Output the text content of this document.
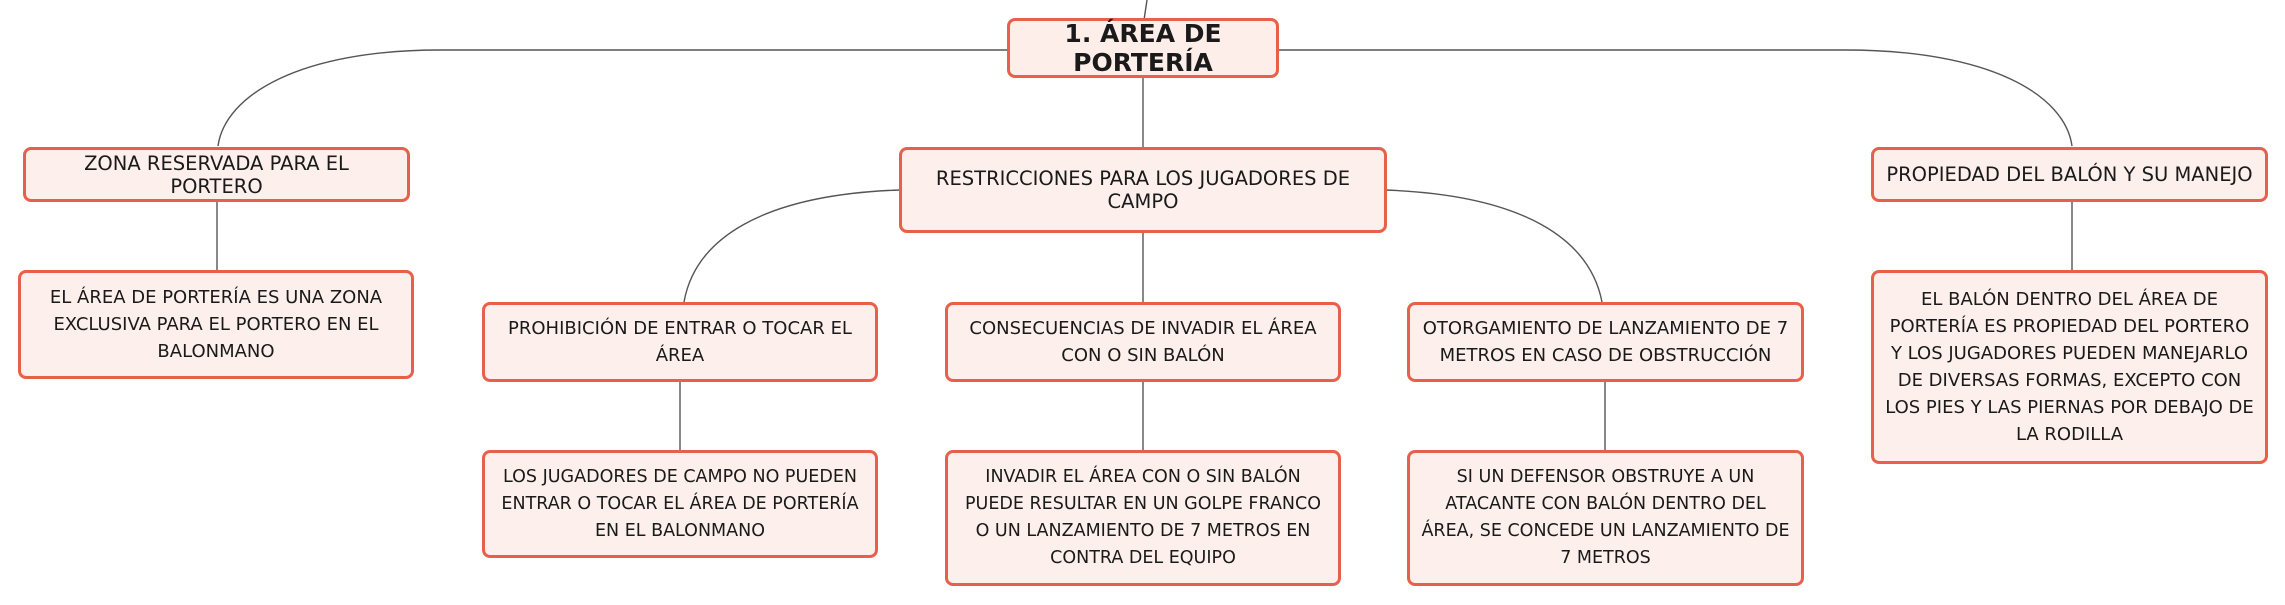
1. ÁREA DE PORTERÍA
ZONA RESERVADA PARA EL PORTERO	RESTRICCIONES PARA LOS JUGADORES DE CAMPO
PROPIEDAD DEL BALÓN Y SU MANEJO
EL ÁREA DE PORTERÍA ES UNA ZONA EXCLUSIVA PARA EL PORTERO EN EL BALONMANO
EL BALÓN DENTRO DEL ÁREA DE PORTERÍA ES PROPIEDAD DEL PORTERO Y LOS JUGADORES PUEDEN MANEJARLO DE DIVERSAS FORMAS, EXCEPTO CON LOS PIES Y LAS PIERNAS POR DEBAJO DE LA RODILLA
PROHIBICIÓN DE ENTRAR O TOCAR EL ÁREA
CONSECUENCIAS DE INVADIR EL ÁREA CON O SIN BALÓN
OTORGAMIENTO DE LANZAMIENTO DE 7 METROS EN CASO DE OBSTRUCCIÓN
LOS JUGADORES DE CAMPO NO PUEDEN ENTRAR O TOCAR EL ÁREA DE PORTERÍA EN EL BALONMANO
INVADIR EL ÁREA CON O SIN BALÓN PUEDE RESULTAR EN UN GOLPE FRANCO O UN LANZAMIENTO DE 7 METROS EN CONTRA DEL EQUIPO
SI UN DEFENSOR OBSTRUYE A UN ATACANTE CON BALÓN DENTRO DEL ÁREA, SE CONCEDE UN LANZAMIENTO DE 7 METROS
